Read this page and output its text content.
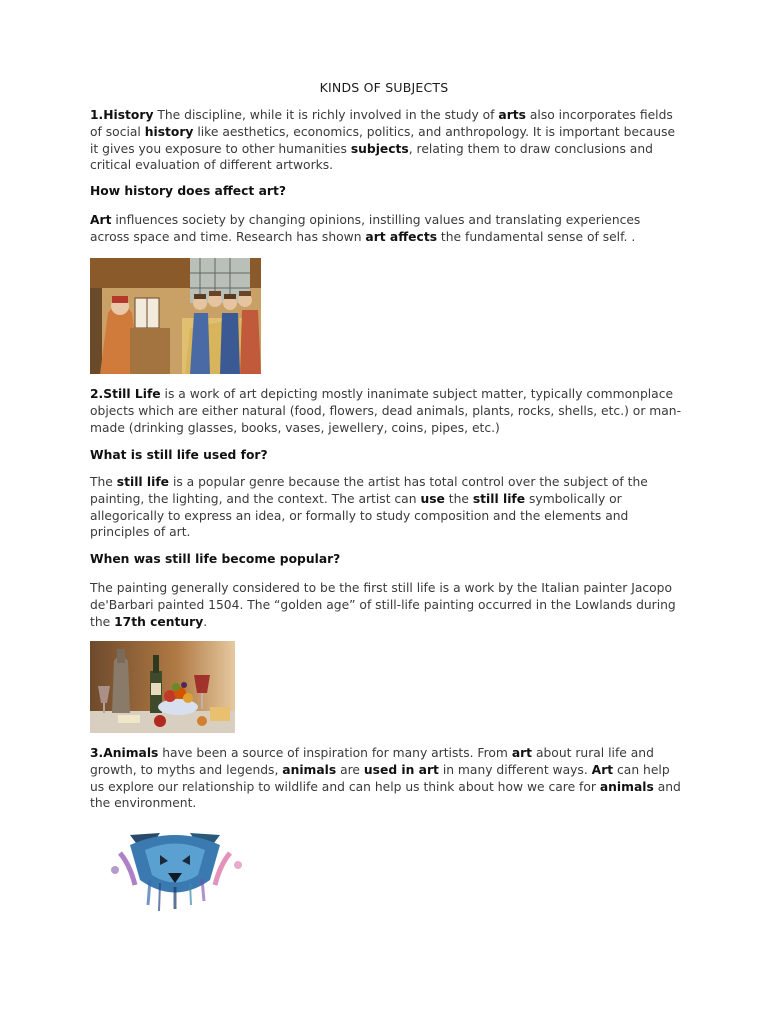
KINDS OF SUBJECTS

1.History The discipline, while it is richly involved in the study of arts also incorporates fields of social history like aesthetics, economics, politics, and anthropology. It is important because it gives you exposure to other humanities subjects, relating them to draw conclusions and critical evaluation of different artworks.

How history does affect art?

Art influences society by changing opinions, instilling values and translating experiences across space and time. Research has shown art affects the fundamental sense of self. .

2.Still Life is a work of art depicting mostly inanimate subject matter, typically commonplace objects which are either natural (food, flowers, dead animals, plants, rocks, shells, etc.) or man-made (drinking glasses, books, vases, jewellery, coins, pipes, etc.)

What is still life used for?

The still life is a popular genre because the artist has total control over the subject of the painting, the lighting, and the context. The artist can use the still life symbolically or allegorically to express an idea, or formally to study composition and the elements and principles of art.

When was still life become popular?

The painting generally considered to be the first still life is a work by the Italian painter Jacopo de'Barbari painted 1504. The “golden age” of still-life painting occurred in the Lowlands during the 17th century.

3.Animals have been a source of inspiration for many artists. From art about rural life and growth, to myths and legends, animals are used in art in many different ways. Art can help us explore our relationship to wildlife and can help us think about how we care for animals and the environment.
